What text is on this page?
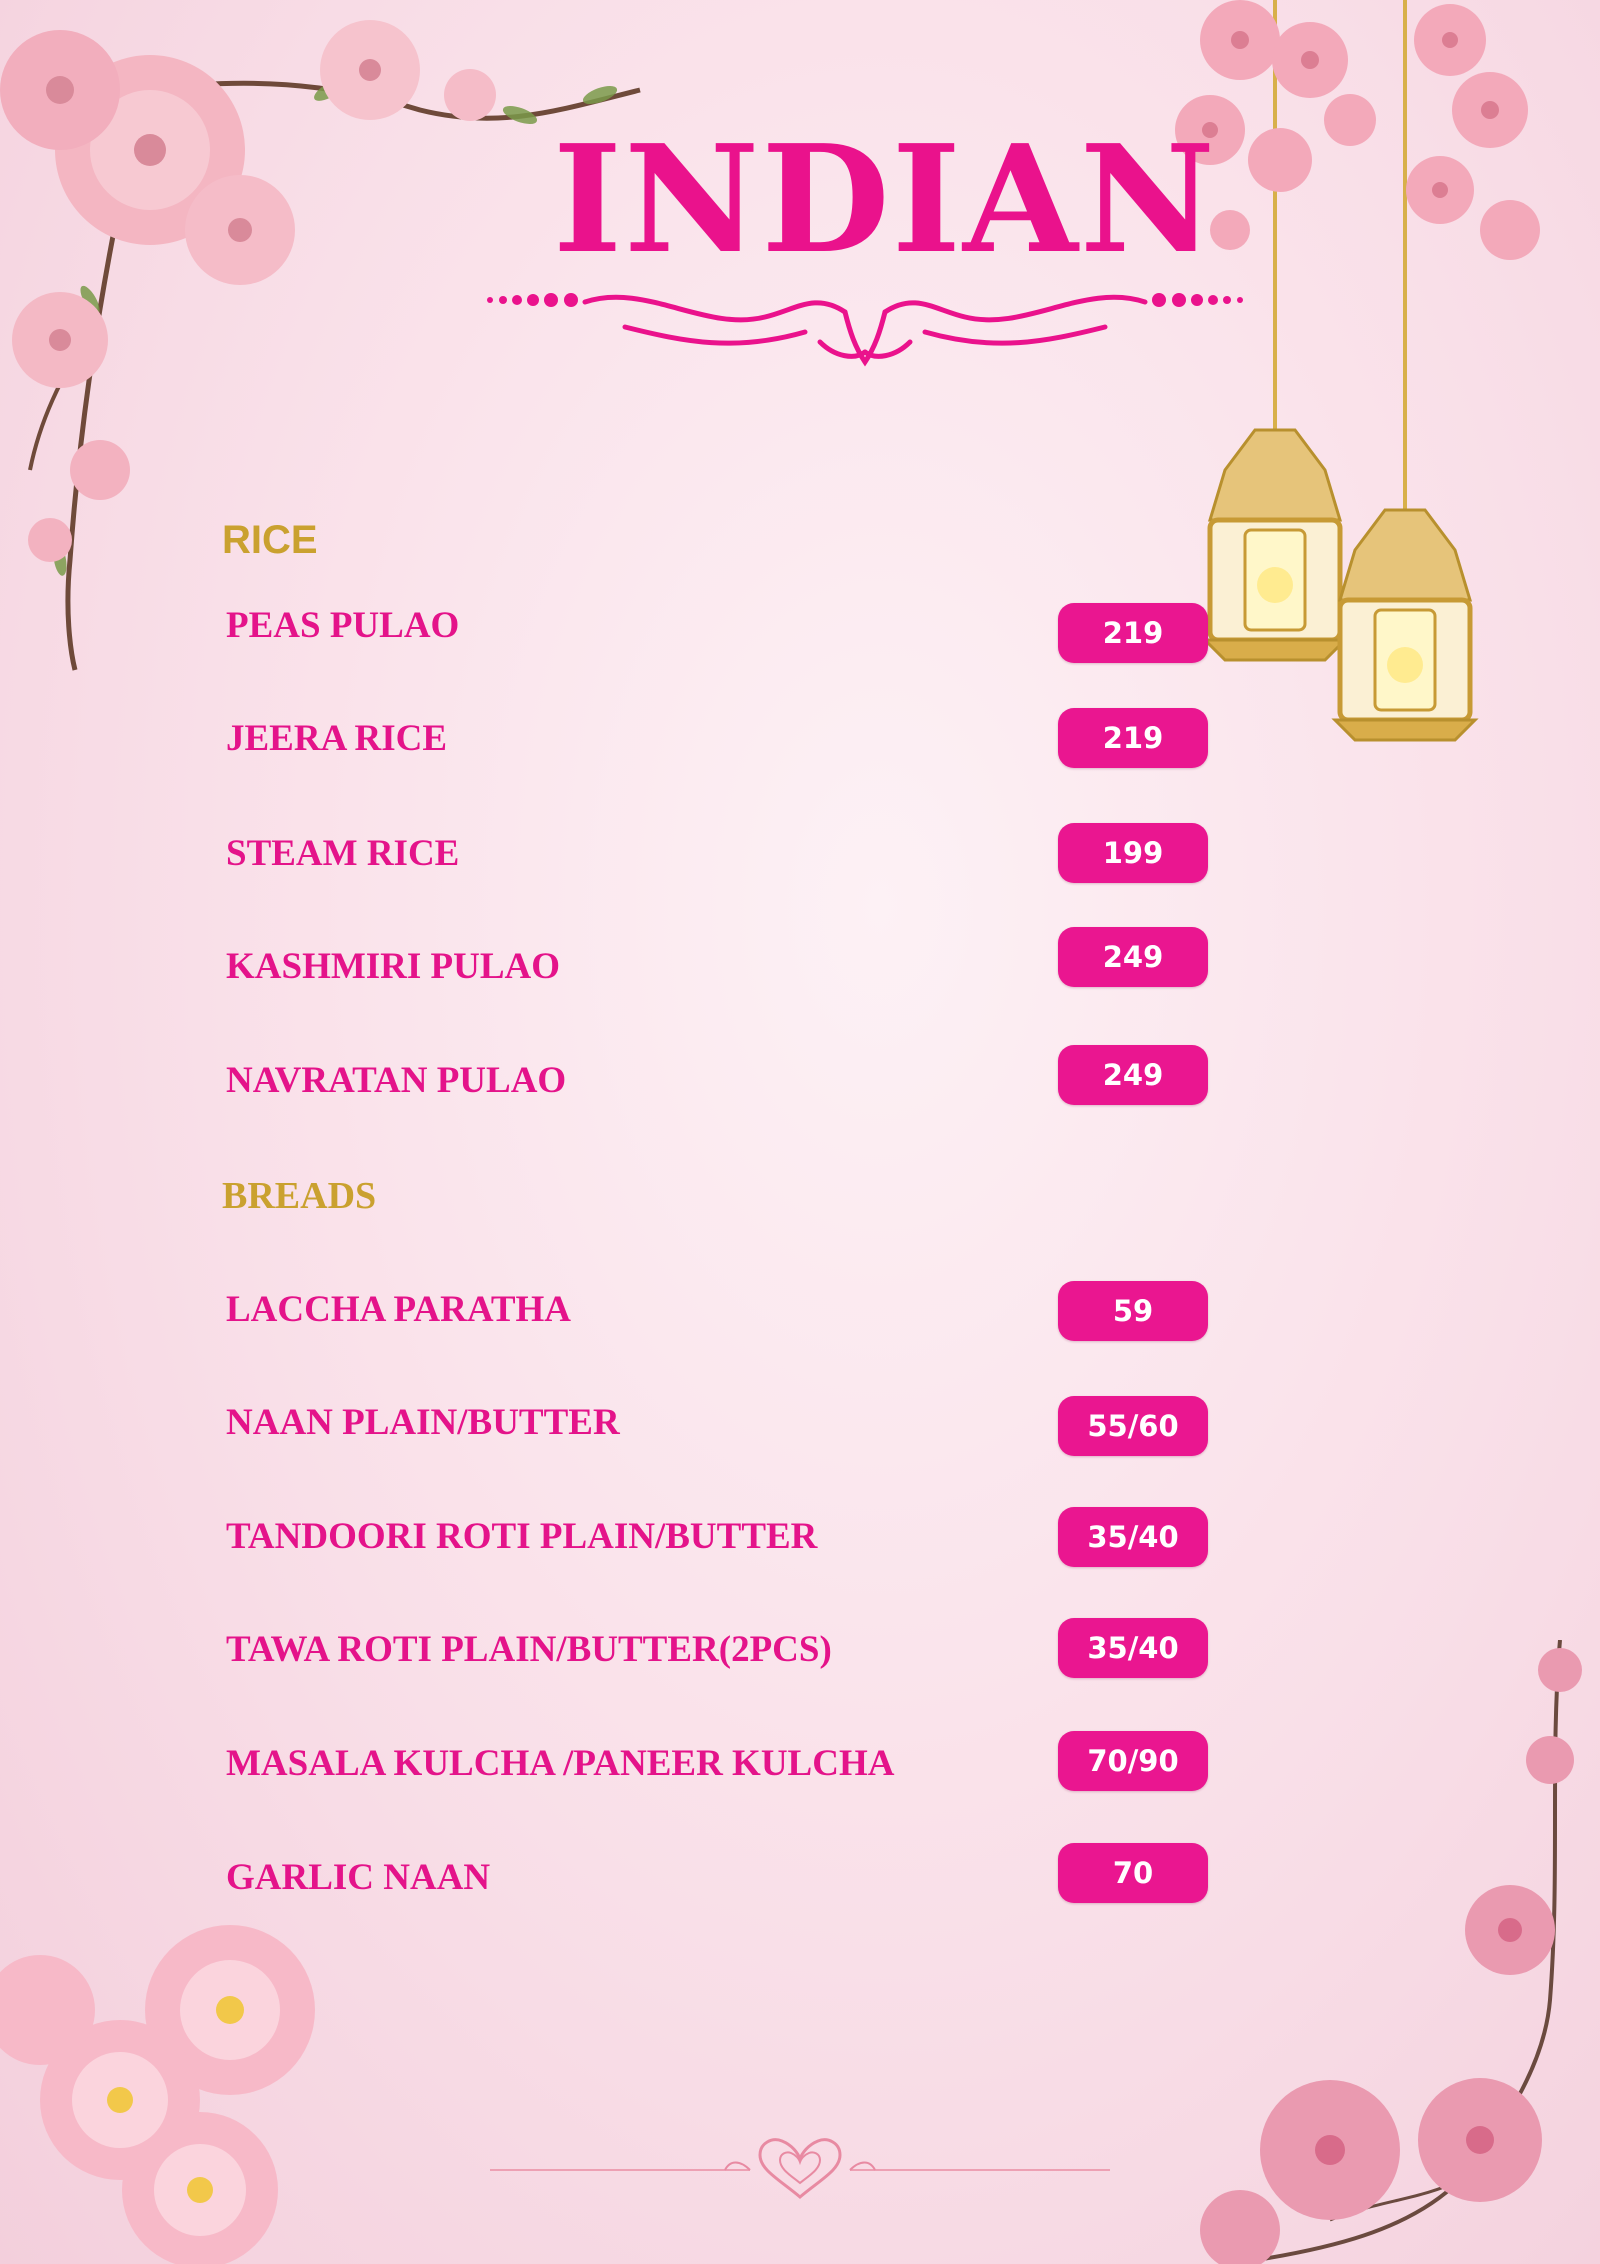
INDIAN
RICE
PEAS PULAO	219
JEERA RICE	219
STEAM RICE	199
KASHMIRI PULAO	249
NAVRATAN PULAO	249
BREADS
LACCHA PARATHA	59
NAAN PLAIN/BUTTER	55/60
TANDOORI ROTI PLAIN/BUTTER	35/40
TAWA ROTI PLAIN/BUTTER(2PCS)	35/40
MASALA KULCHA /PANEER KULCHA	70/90
GARLIC NAAN	70
